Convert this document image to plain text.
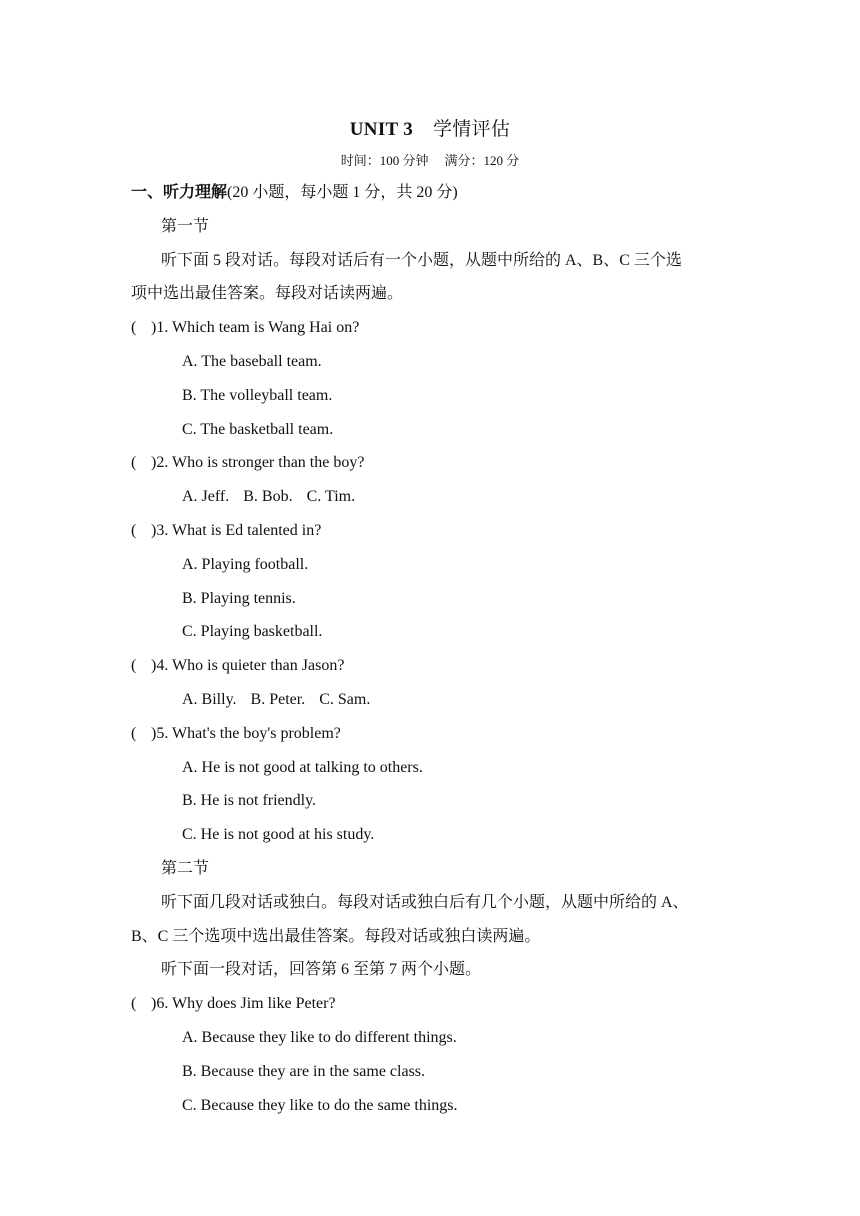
UNIT 3 学情评估
时间：100 分钟 满分：120 分
一、听力理解(20 小题，每小题 1 分，共 20 分)
第一节
听下面 5 段对话。每段对话后有一个小题，从题中所给的 A、B、C 三个选
项中选出最佳答案。每段对话读两遍。
( )1. Which team is Wang Hai on?
A. The baseball team.
B. The volleyball team.
C. The basketball team.
( )2. Who is stronger than the boy?
A. Jeff. B. Bob. C. Tim.
( )3. What is Ed talented in?
A. Playing football.
B. Playing tennis.
C. Playing basketball.
( )4. Who is quieter than Jason?
A. Billy. B. Peter. C. Sam.
( )5. What's the boy's problem?
A. He is not good at talking to others.
B. He is not friendly.
C. He is not good at his study.
第二节
听下面几段对话或独白。每段对话或独白后有几个小题，从题中所给的 A、
B、C 三个选项中选出最佳答案。每段对话或独白读两遍。
听下面一段对话，回答第 6 至第 7 两个小题。
( )6. Why does Jim like Peter?
A. Because they like to do different things.
B. Because they are in the same class.
C. Because they like to do the same things.
